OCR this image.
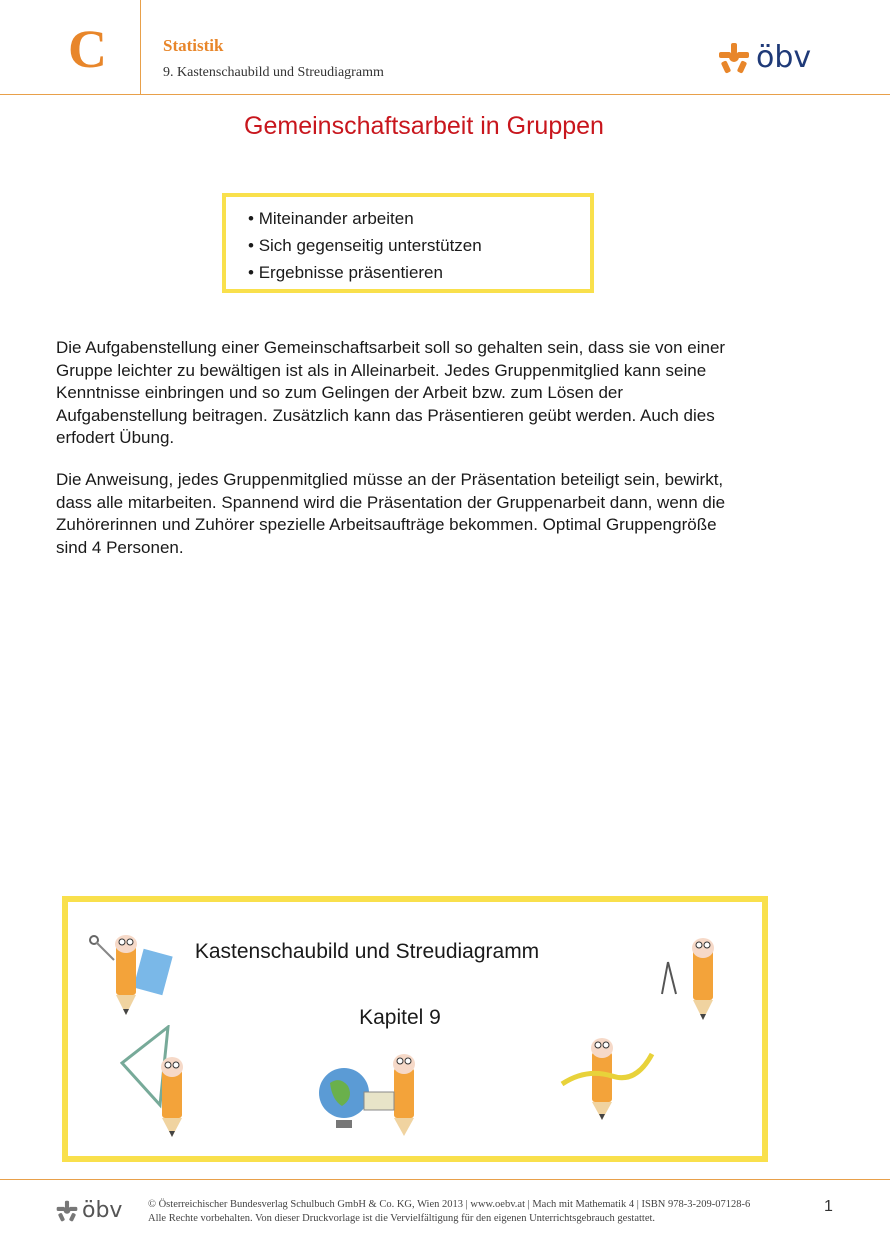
C	Statistik
9. Kastenschaubild und Streudiagramm	öbv
Gemeinschaftsarbeit in Gruppen
• Miteinander arbeiten
• Sich gegenseitig unterstützen
• Ergebnisse präsentieren

Die Aufgabenstellung einer Gemeinschaftsarbeit soll so gehalten sein, dass sie von einer Gruppe leichter zu bewältigen ist als in Alleinarbeit. Jedes Gruppenmitglied kann seine Kenntnisse einbringen und so zum Gelingen der Arbeit bzw. zum Lösen der Aufgabenstellung beitragen. Zusätzlich kann das Präsentieren geübt werden. Auch dies erfodert Übung.

Die Anweisung, jedes Gruppenmitglied müsse an der Präsentation beteiligt sein, bewirkt, dass alle mitarbeiten. Spannend wird die Präsentation der Gruppenarbeit dann, wenn die Zuhörerinnen und Zuhörer spezielle Arbeitsaufträge bekommen. Optimal Gruppengröße sind 4 Personen.

Kastenschaubild und Streudiagramm
Kapitel 9
öbv © Österreichischer Bundesverlag Schulbuch GmbH & Co. KG, Wien 2013 | www.oebv.at | Mach mit Mathematik 4 | ISBN 978-3-209-07128-6
Alle Rechte vorbehalten. Von dieser Druckvorlage ist die Vervielfältigung für den eigenen Unterrichtsgebrauch gestattet.
1
